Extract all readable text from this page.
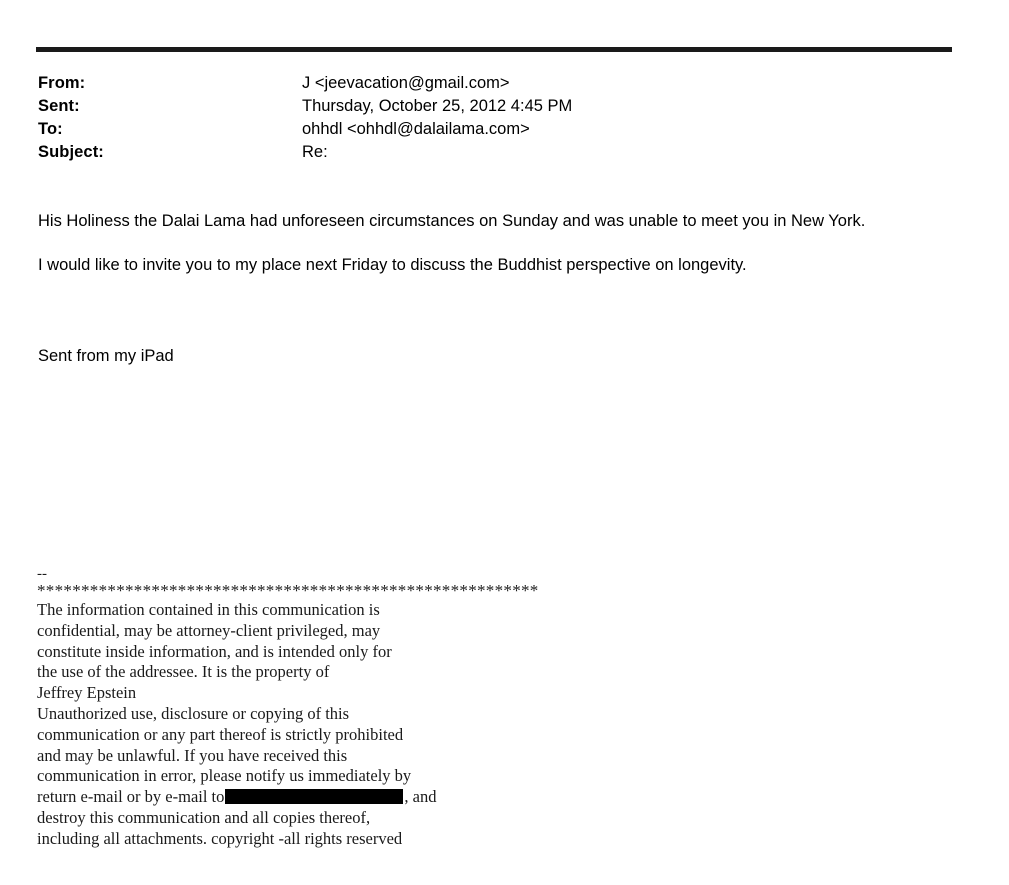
From:	J <jeevacation@gmail.com>
Sent:	Thursday, October 25, 2012 4:45 PM
To:	ohhdl <ohhdl@dalailama.com>
Subject:	Re:

His Holiness the Dalai Lama had unforeseen circumstances on Sunday and was unable to meet you in New York.

I would like to invite you to my place next Friday to discuss the Buddhist perspective on longevity.

Sent from my iPad
--
*********************************************************
The information contained in this communication is
confidential, may be attorney-client privileged, may
constitute inside information, and is intended only for
the use of the addressee. It is the property of
Jeffrey Epstein
Unauthorized use, disclosure or copying of this
communication or any part thereof is strictly prohibited
and may be unlawful. If you have received this
communication in error, please notify us immediately by
return e-mail or by e-mail to	, and
destroy this communication and all copies thereof,
including all attachments. copyright -all rights reserved
